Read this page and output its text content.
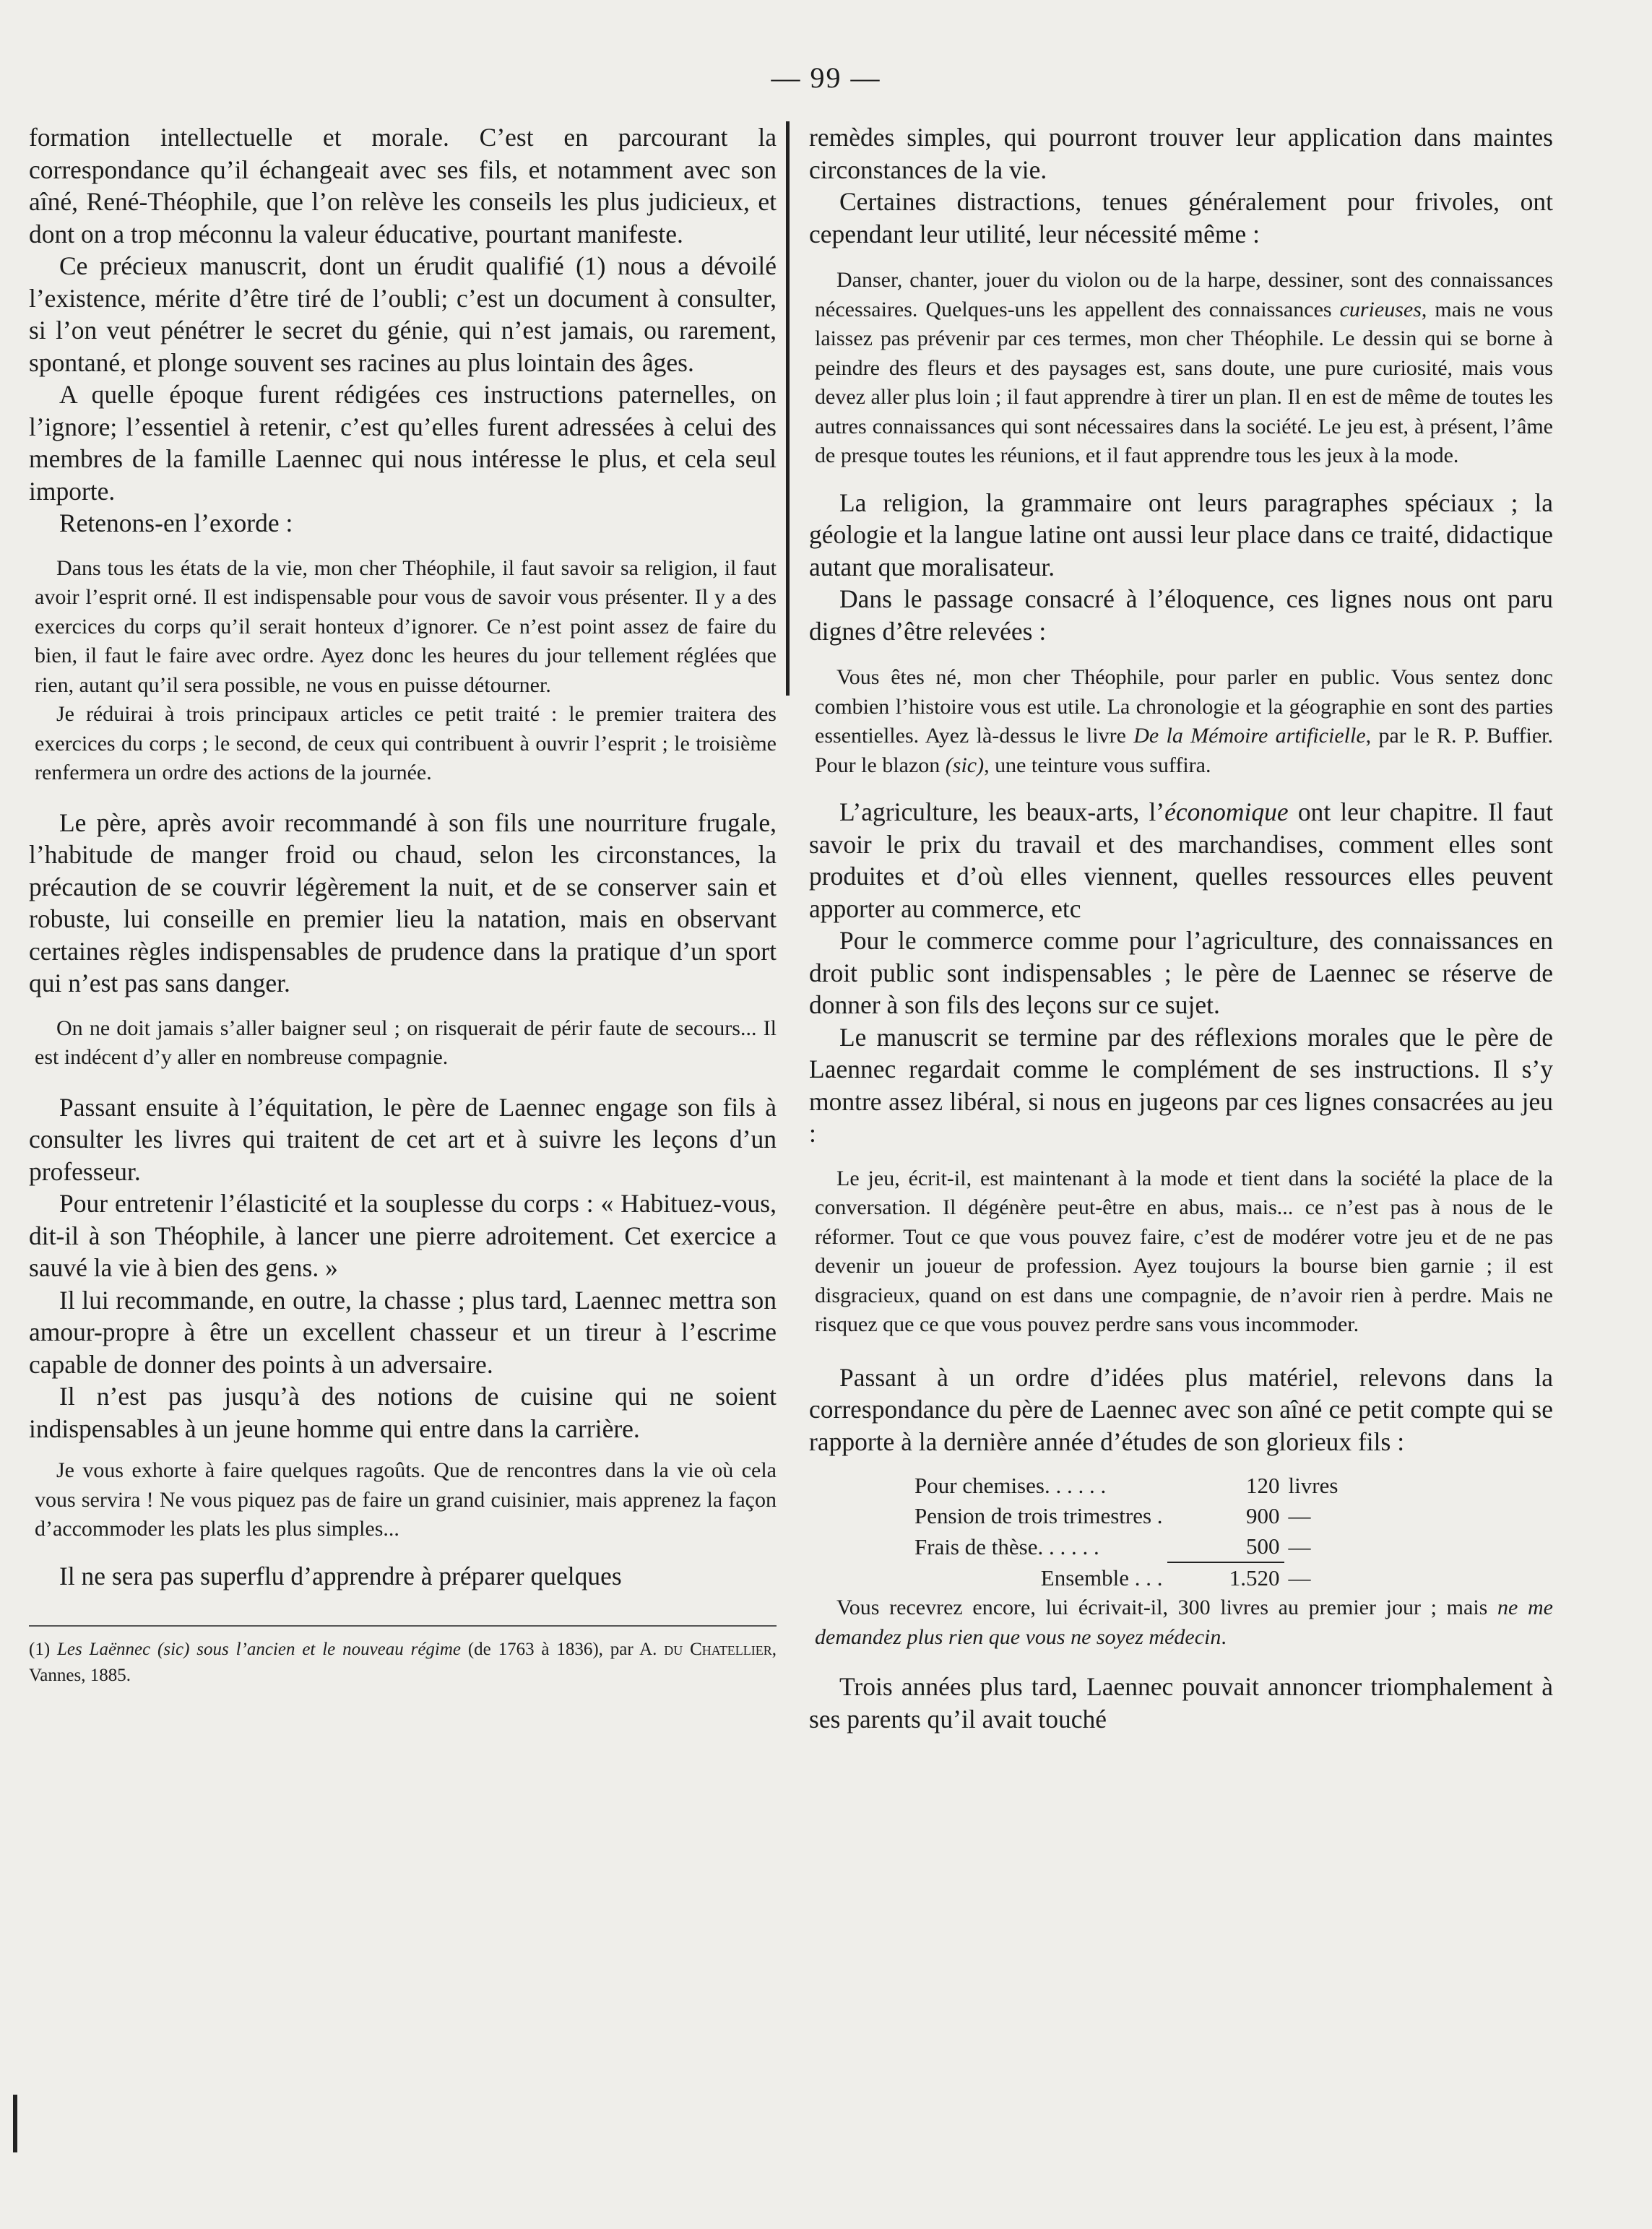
— 99 —

formation intellectuelle et morale. C’est en parcourant la correspondance qu’il échangeait avec ses fils, et notamment avec son aîné, René-Théophile, que l’on relève les conseils les plus judicieux, et dont on a trop méconnu la valeur éducative, pourtant manifeste.

Ce précieux manuscrit, dont un érudit qualifié (1) nous a dévoilé l’existence, mérite d’être tiré de l’oubli; c’est un document à consulter, si l’on veut pénétrer le secret du génie, qui n’est jamais, ou rarement, spontané, et plonge souvent ses racines au plus lointain des âges.

A quelle époque furent rédigées ces instructions paternelles, on l’ignore; l’essentiel à retenir, c’est qu’elles furent adressées à celui des membres de la famille Laennec qui nous intéresse le plus, et cela seul importe.

Retenons-en l’exorde :

Dans tous les états de la vie, mon cher Théophile, il faut savoir sa religion, il faut avoir l’esprit orné. Il est indispensable pour vous de savoir vous présenter. Il y a des exercices du corps qu’il serait honteux d’ignorer. Ce n’est point assez de faire du bien, il faut le faire avec ordre. Ayez donc les heures du jour tellement réglées que rien, autant qu’il sera possible, ne vous en puisse détourner.

Je réduirai à trois principaux articles ce petit traité : le premier traitera des exercices du corps ; le second, de ceux qui contribuent à ouvrir l’esprit ; le troisième renfermera un ordre des actions de la journée.

Le père, après avoir recommandé à son fils une nourriture frugale, l’habitude de manger froid ou chaud, selon les circonstances, la précaution de se couvrir légèrement la nuit, et de se conserver sain et robuste, lui conseille en premier lieu la natation, mais en observant certaines règles indispensables de prudence dans la pratique d’un sport qui n’est pas sans danger.

On ne doit jamais s’aller baigner seul ; on risquerait de périr faute de secours... Il est indécent d’y aller en nombreuse compagnie.

Passant ensuite à l’équitation, le père de Laennec engage son fils à consulter les livres qui traitent de cet art et à suivre les leçons d’un professeur.

Pour entretenir l’élasticité et la souplesse du corps : « Habituez-vous, dit-il à son Théophile, à lancer une pierre adroitement. Cet exercice a sauvé la vie à bien des gens. »

Il lui recommande, en outre, la chasse ; plus tard, Laennec mettra son amour-propre à être un excellent chasseur et un tireur à l’escrime capable de donner des points à un adversaire.

Il n’est pas jusqu’à des notions de cuisine qui ne soient indispensables à un jeune homme qui entre dans la carrière.

Je vous exhorte à faire quelques ragoûts. Que de rencontres dans la vie où cela vous servira ! Ne vous piquez pas de faire un grand cuisinier, mais apprenez la façon d’accommoder les plats les plus simples...

Il ne sera pas superflu d’apprendre à préparer quelques

(1) Les Laënnec (sic) sous l’ancien et le nouveau régime (de 1763 à 1836), par A. du Chatellier, Vannes, 1885.

remèdes simples, qui pourront trouver leur application dans maintes circonstances de la vie.

Certaines distractions, tenues généralement pour frivoles, ont cependant leur utilité, leur nécessité même :

Danser, chanter, jouer du violon ou de la harpe, dessiner, sont des connaissances nécessaires. Quelques-uns les appellent des connaissances curieuses, mais ne vous laissez pas prévenir par ces termes, mon cher Théophile. Le dessin qui se borne à peindre des fleurs et des paysages est, sans doute, une pure curiosité, mais vous devez aller plus loin ; il faut apprendre à tirer un plan. Il en est de même de toutes les autres connaissances qui sont nécessaires dans la société. Le jeu est, à présent, l’âme de presque toutes les réunions, et il faut apprendre tous les jeux à la mode.

La religion, la grammaire ont leurs paragraphes spéciaux ; la géologie et la langue latine ont aussi leur place dans ce traité, didactique autant que moralisateur.

Dans le passage consacré à l’éloquence, ces lignes nous ont paru dignes d’être relevées :

Vous êtes né, mon cher Théophile, pour parler en public. Vous sentez donc combien l’histoire vous est utile. La chronologie et la géographie en sont des parties essentielles. Ayez là-dessus le livre De la Mémoire artificielle, par le R. P. Buffier. Pour le blazon (sic), une teinture vous suffira.

L’agriculture, les beaux-arts, l’économique ont leur chapitre. Il faut savoir le prix du travail et des marchandises, comment elles sont produites et d’où elles viennent, quelles ressources elles peuvent apporter au commerce, etc

Pour le commerce comme pour l’agriculture, des connaissances en droit public sont indispensables ; le père de Laennec se réserve de donner à son fils des leçons sur ce sujet.

Le manuscrit se termine par des réflexions morales que le père de Laennec regardait comme le complément de ses instructions. Il s’y montre assez libéral, si nous en jugeons par ces lignes consacrées au jeu :

Le jeu, écrit-il, est maintenant à la mode et tient dans la société la place de la conversation. Il dégénère peut-être en abus, mais... ce n’est pas à nous de le réformer. Tout ce que vous pouvez faire, c’est de modérer votre jeu et de ne pas devenir un joueur de profession. Ayez toujours la bourse bien garnie ; il est disgracieux, quand on est dans une compagnie, de n’avoir rien à perdre. Mais ne risquez que ce que vous pouvez perdre sans vous incommoder.

Passant à un ordre d’idées plus matériel, relevons dans la correspondance du père de Laennec avec son aîné ce petit compte qui se rapporte à la dernière année d’études de son glorieux fils :

Pour chemises. . . . . .	120	livres
Pension de trois trimestres .	900	—
Frais de thèse. . . . . .	500	—
Ensemble . . .	1.520	—

Vous recevrez encore, lui écrivait-il, 300 livres au premier jour ; mais ne me demandez plus rien que vous ne soyez médecin.

Trois années plus tard, Laennec pouvait annoncer triomphalement à ses parents qu’il avait touché
